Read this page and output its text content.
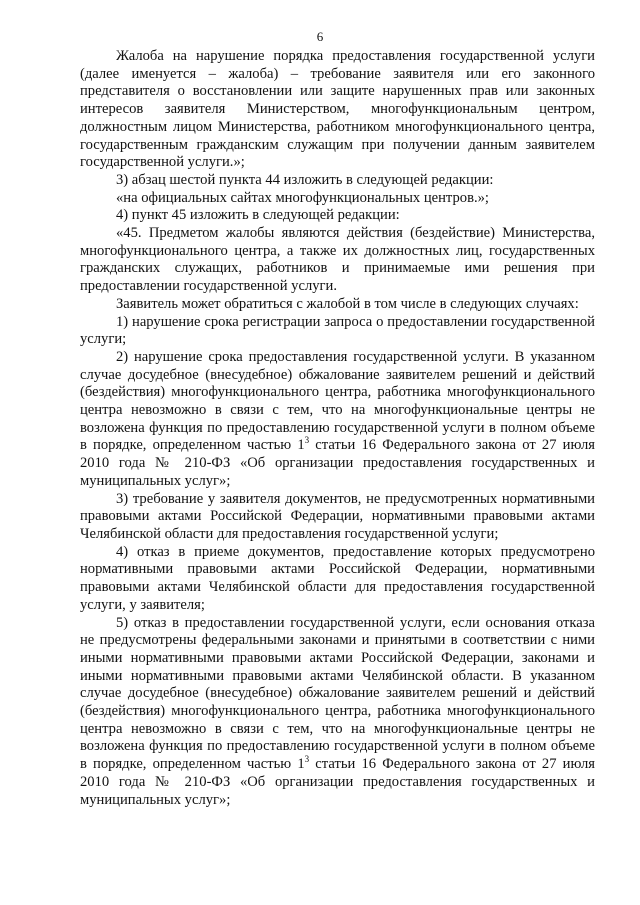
6

Жалоба на нарушение порядка предоставления государственной услуги (далее именуется – жалоба) – требование заявителя или его законного представителя о восстановлении или защите нарушенных прав или законных интересов заявителя Министерством, многофункциональным центром, должностным лицом Министерства, работником многофункционального центра, государственным гражданским служащим при получении данным заявителем государственной услуги.»;

3) абзац шестой пункта 44 изложить в следующей редакции:

«на официальных сайтах многофункциональных центров.»;

4) пункт 45 изложить в следующей редакции:

«45. Предметом жалобы являются действия (бездействие) Министерства, многофункционального центра, а также их должностных лиц, государственных гражданских служащих, работников и принимаемые ими решения при предоставлении государственной услуги.

Заявитель может обратиться с жалобой в том числе в следующих случаях:

1) нарушение срока регистрации запроса о предоставлении государственной услуги;

2) нарушение срока предоставления государственной услуги. В указанном случае досудебное (внесудебное) обжалование заявителем решений и действий (бездействия) многофункционального центра, работника многофункционального центра невозможно в связи с тем, что на многофункциональные центры не возложена функция по предоставлению государственной услуги в полном объеме в порядке, определенном частью $1^3$ статьи 16 Федерального закона от 27 июля 2010 года № 210-ФЗ «Об организации предоставления государственных и муниципальных услуг»;

3) требование у заявителя документов, не предусмотренных нормативными правовыми актами Российской Федерации, нормативными правовыми актами Челябинской области для предоставления государственной услуги;

4) отказ в приеме документов, предоставление которых предусмотрено нормативными правовыми актами Российской Федерации, нормативными правовыми актами Челябинской области для предоставления государственной услуги, у заявителя;

5) отказ в предоставлении государственной услуги, если основания отказа не предусмотрены федеральными законами и принятыми в соответствии с ними иными нормативными правовыми актами Российской Федерации, законами и иными нормативными правовыми актами Челябинской области. В указанном случае досудебное (внесудебное) обжалование заявителем решений и действий (бездействия) многофункционального центра, работника многофункционального центра невозможно в связи с тем, что на многофункциональные центры не возложена функция по предоставлению государственной услуги в полном объеме в порядке, определенном частью $1^3$ статьи 16 Федерального закона от 27 июля 2010 года № 210-ФЗ «Об организации предоставления государственных и муниципальных услуг»;
